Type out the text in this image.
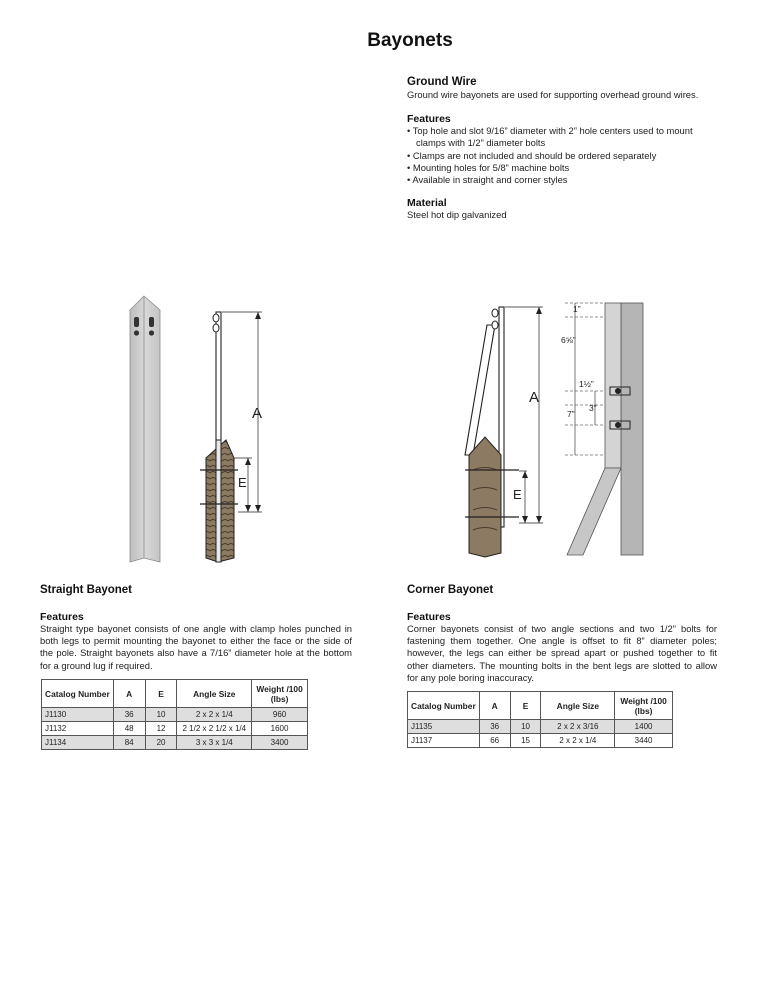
Bayonets
Ground Wire
Ground wire bayonets are used for supporting overhead ground wires.
Features
• Top hole and slot 9/16” diameter with 2” hole centers used to mount clamps with 1/2” diameter bolts
• Clamps are not included and should be ordered separately
• Mounting holes for 5/8” machine bolts
• Available in straight and corner styles
Material
Steel hot dip galvanized
A
E
A
E
1”
6⅝”
1½”
7”
3”
Straight Bayonet
Features
Straight type bayonet consists of one angle with clamp holes punched in both legs to permit mounting the bayonet to either the face or the side of the pole. Straight bayonets also have a 7/16” diameter hole at the bottom for a ground lug if required.
Catalog Number	A	E	Angle Size	Weight /100 (lbs)
J1130	36	10	2 x 2 x 1/4	960
J1132	48	12	2 1/2 x 2 1/2 x 1/4	1600
J1134	84	20	3 x 3 x 1/4	3400
Corner Bayonet
Features
Corner bayonets consist of two angle sections and two 1/2” bolts for fastening them together. One angle is offset to fit 8” diameter poles; however, the legs can either be spread apart or pushed together to fit other diameters. The mounting bolts in the bent legs are slotted to allow for any pole boring inaccuracy.
Catalog Number	A	E	Angle Size	Weight /100 (lbs)
J1135	36	10	2 x 2 x 3/16	1400
J1137	66	15	2 x 2 x 1/4	3440
